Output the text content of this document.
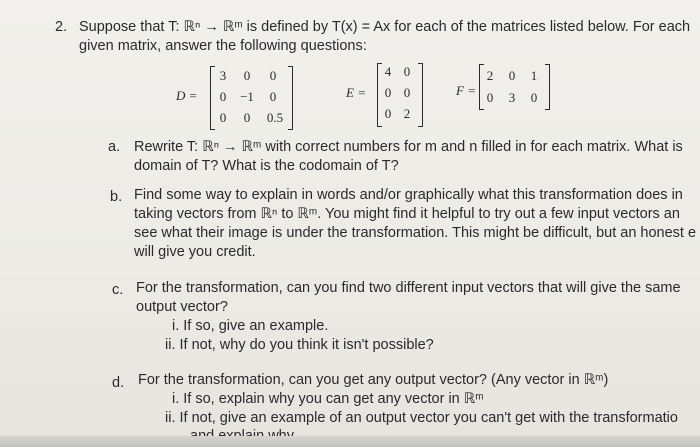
2. Suppose that T: ℝⁿ → ℝᵐ is defined by T(x) = Ax for each of the matrices listed below. For each
given matrix, answer the following questions:
D =
3	0	0
0	−1	0
0	0	0.5
E =
4 0
0 0
0 2
F =
2	0	1
0	3	0
a. Rewrite T: ℝⁿ → ℝᵐ with correct numbers for m and n filled in for each matrix. What is
domain of T? What is the codomain of T?
b. Find some way to explain in words and/or graphically what this transformation does in
taking vectors from ℝⁿ to ℝᵐ. You might find it helpful to try out a few input vectors an
see what their image is under the transformation. This might be difficult, but an honest e
will give you credit.
c. For the transformation, can you find two different input vectors that will give the same
output vector?
i. If so, give an example.
ii. If not, why do you think it isn't possible?
d. For the transformation, can you get any output vector? (Any vector in ℝᵐ)
i. If so, explain why you can get any vector in ℝᵐ
ii. If not, give an example of an output vector you can't get with the transformatio
